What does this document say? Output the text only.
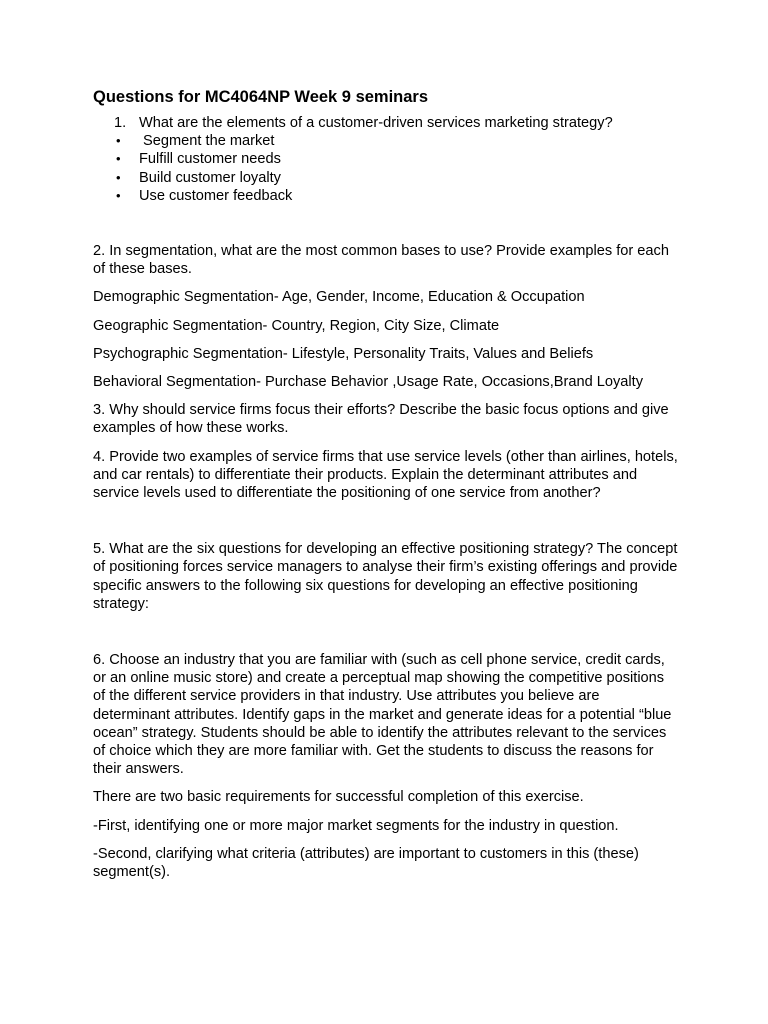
Questions for MC4064NP Week 9 seminars
1. What are the elements of a customer-driven services marketing strategy?
• Segment the market
• Fulfill customer needs
• Build customer loyalty
• Use customer feedback

2. In segmentation, what are the most common bases to use? Provide examples for each of these bases.

Demographic Segmentation- Age, Gender, Income, Education & Occupation

Geographic Segmentation- Country, Region, City Size, Climate

Psychographic Segmentation- Lifestyle, Personality Traits, Values and Beliefs

Behavioral Segmentation- Purchase Behavior ,Usage Rate, Occasions,Brand Loyalty

3. Why should service firms focus their efforts? Describe the basic focus options and give examples of how these works.

4. Provide two examples of service firms that use service levels (other than airlines, hotels, and car rentals) to differentiate their products. Explain the determinant attributes and service levels used to differentiate the positioning of one service from another?

5. What are the six questions for developing an effective positioning strategy? The concept of positioning forces service managers to analyse their firm’s existing offerings and provide specific answers to the following six questions for developing an effective positioning strategy:

6. Choose an industry that you are familiar with (such as cell phone service, credit cards, or an online music store) and create a perceptual map showing the competitive positions of the different service providers in that industry. Use attributes you believe are determinant attributes. Identify gaps in the market and generate ideas for a potential “blue ocean” strategy. Students should be able to identify the attributes relevant to the services of choice which they are more familiar with. Get the students to discuss the reasons for their answers.

There are two basic requirements for successful completion of this exercise.

-First, identifying one or more major market segments for the industry in question.

-Second, clarifying what criteria (attributes) are important to customers in this (these) segment(s).
